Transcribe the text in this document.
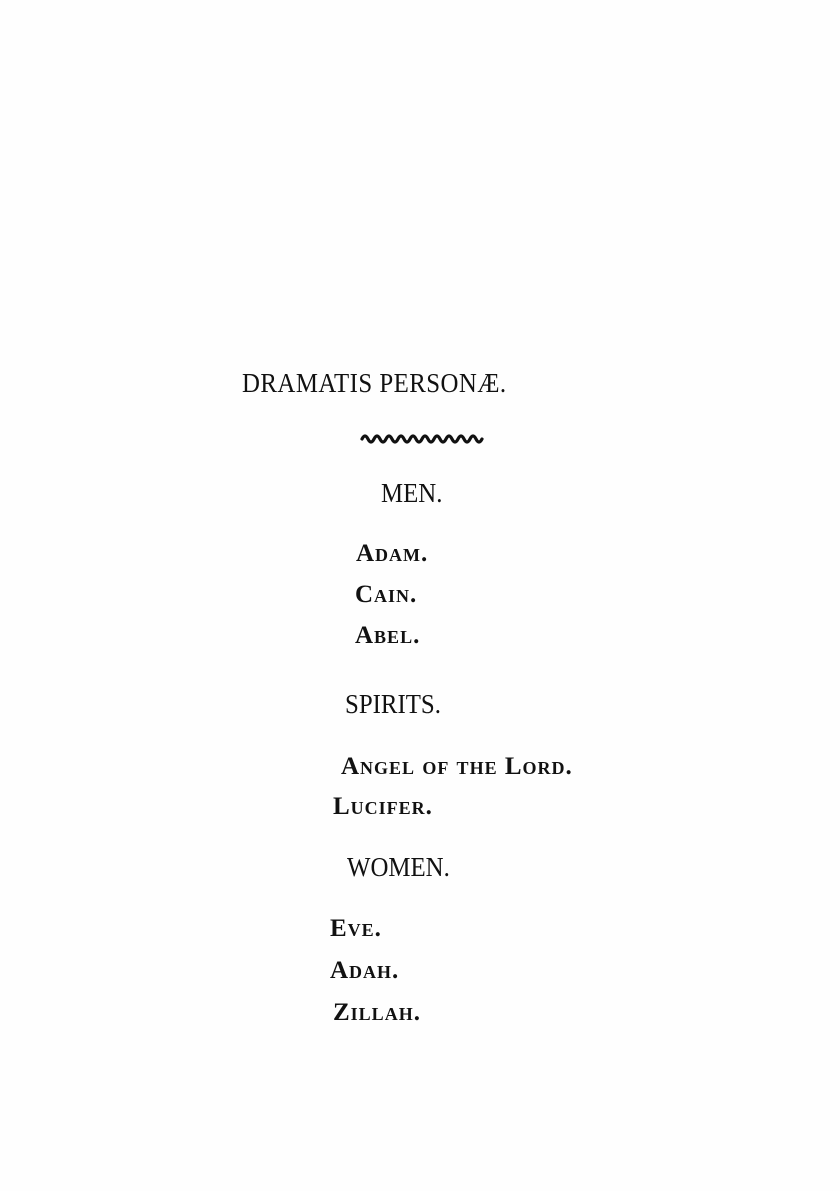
DRAMATIS PERSONÆ.
MEN.
Adam.
Cain.
Abel.
SPIRITS.
Angel of the Lord.
Lucifer.
WOMEN.
Eve.
Adah.
Zillah.
